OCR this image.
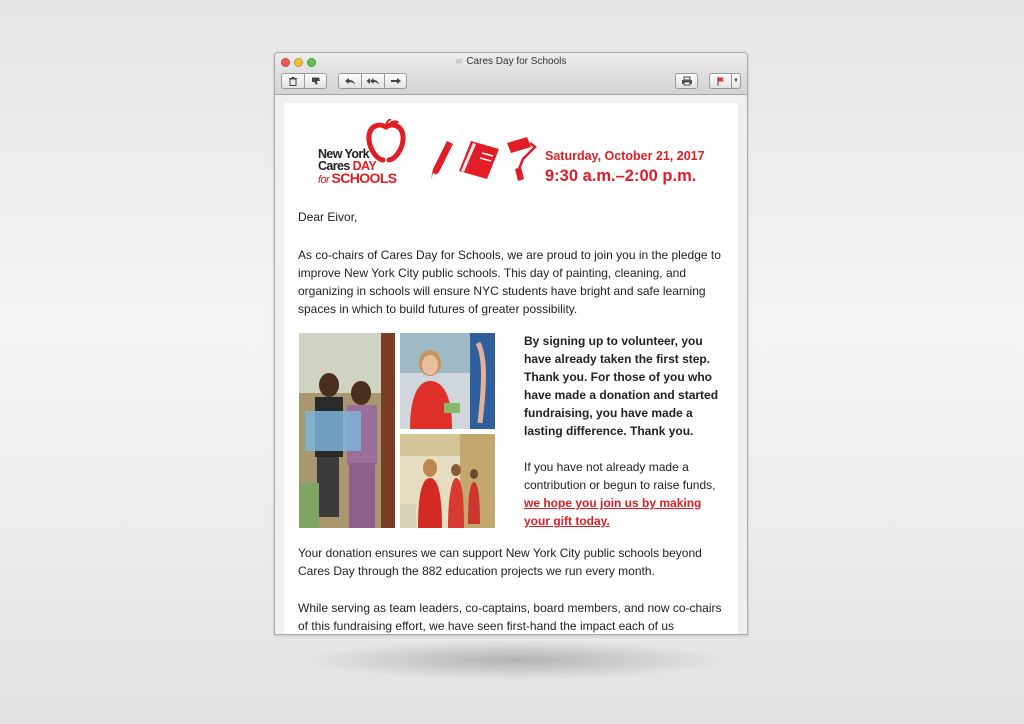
✉ Cares Day for Schools
▼
New York
Cares DAY
for SCHOOLS
Saturday, October 21, 2017
9:30 a.m.–2:00 p.m.
Dear Eivor,
As co-chairs of Cares Day for Schools, we are proud to join you in the pledge to improve New York City public schools. This day of painting, cleaning, and organizing in schools will ensure NYC students have bright and safe learning spaces in which to build futures of greater possibility.
By signing up to volunteer, you have already taken the first step. Thank you. For those of you who have made a donation and started fundraising, you have made a lasting difference. Thank you.
If you have not already made a contribution or begun to raise funds, we hope you join us by making your gift today.
Your donation ensures we can support New York City public schools beyond Cares Day through the 882 education projects we run every month.
While serving as team leaders, co-captains, board members, and now co-chairs of this fundraising effort, we have seen first-hand the impact each of us
